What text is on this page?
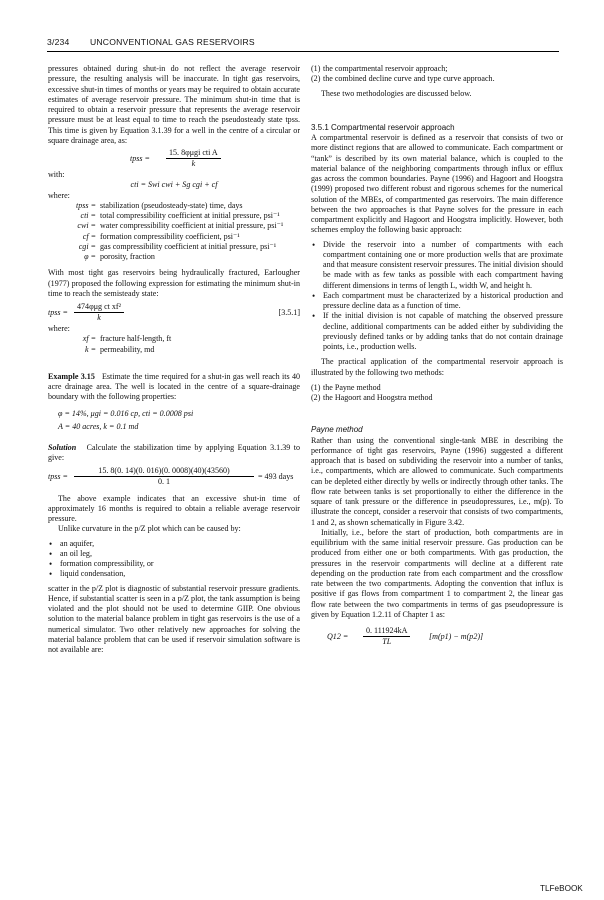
3/234 UNCONVENTIONAL GAS RESERVOIRS

pressures obtained during shut-in do not reflect the average reservoir pressure, the resulting analysis will be inaccurate. In tight gas reservoirs, excessive shut-in times of months or years may be required to obtain accurate estimates of average reservoir pressure. The minimum shut-in time that is required to obtain a reservoir pressure that represents the average reservoir pressure must be at least equal to time to reach the pseudosteady state tpss. This time is given by Equation 3.1.39 for a well in the centre of a circular or square drainage area, as:

tpss =
15. 8φμgi cti A
k

with:

cti = Swi cwi + Sg cgi + cf

where:

tpss = stabilization (pseudosteady-state) time, days
cti = total compressibility coefficient at initial pressure, psi⁻¹
cwi = water compressibility coefficient at initial pressure, psi⁻¹
cf = formation compressibility coefficient, psi⁻¹
cgi = gas compressibility coefficient at initial pressure, psi⁻¹
φ = porosity, fraction

With most tight gas reservoirs being hydraulically fractured, Earlougher (1977) proposed the following expression for estimating the minimum shut-in time to reach the semisteady state:

tpss =
474φμg ct xf²
k
[3.5.1]

where:

xf = fracture half-length, ft
k = permeability, md

Example 3.15 Estimate the time required for a shut-in gas well reach its 40 acre drainage area. The well is located in the centre of a square-drainage boundary with the following properties:

φ = 14%, μgi = 0.016 cp, cti = 0.0008 psi
A = 40 acres, k = 0.1 md

Solution Calculate the stabilization time by applying Equation 3.1.39 to give:

tpss = $\frac{15. 8(0. 14)(0. 016)(0. 0008)(40)(43560)}{0. 1} = 493$ days

The above example indicates that an excessive shut-in time of approximately 16 months is required to obtain a reliable average reservoir pressure.

Unlike curvature in the p/Z plot which can be caused by:

• an aquifer,
• an oil leg,
• formation compressibility, or
• liquid condensation,

scatter in the p/Z plot is diagnostic of substantial reservoir pressure gradients. Hence, if substantial scatter is seen in a p/Z plot, the tank assumption is being violated and the plot should not be used to determine GIIP. One obvious solution to the material balance problem in tight gas reservoirs is the use of a numerical simulator. Two other relatively new approaches for solving the material balance problem that can be used if reservoir simulation software is not available are:

(1) the compartmental reservoir approach;
(2) the combined decline curve and type curve approach.

These two methodologies are discussed below.

3.5.1 Compartmental reservoir approach

A compartmental reservoir is defined as a reservoir that consists of two or more distinct regions that are allowed to communicate. Each compartment or “tank” is described by its own material balance, which is coupled to the material balance of the neighboring compartments through influx or efflux gas across the common boundaries. Payne (1996) and Hagoort and Hoogstra (1999) proposed two different robust and rigorous schemes for the numerical solution of the MBEs, of compartmented gas reservoirs. The main difference between the two approaches is that Payne solves for the pressure in each compartment explicitly and Hagoort and Hoogstra implicitly. However, both schemes employ the following basic approach:

• Divide the reservoir into a number of compartments with each compartment containing one or more production wells that are proximate and that measure consistent reservoir pressures. The initial division should be made with as few tanks as possible with each compartment having different dimensions in terms of length L, width W, and height h.
• Each compartment must be characterized by a historical production and pressure decline data as a function of time.
• If the initial division is not capable of matching the observed pressure decline, additional compartments can be added either by subdividing the previously defined tanks or by adding tanks that do not contain drainage points, i.e., production wells.

The practical application of the compartmental reservoir approach is illustrated by the following two methods:

(1) the Payne method
(2) the Hagoort and Hoogstra method
Payne method

Rather than using the conventional single-tank MBE in describing the performance of tight gas reservoirs, Payne (1996) suggested a different approach that is based on subdividing the reservoir into a number of tanks, i.e., compartments, which are allowed to communicate. Such compartments can be depleted either directly by wells or indirectly through other tanks. The flow rate between tanks is set proportionally to either the difference in the square of tank pressure or the difference in pseudopressures, i.e., m(p). To illustrate the concept, consider a reservoir that consists of two compartments, 1 and 2, as shown schematically in Figure 3.42.

Initially, i.e., before the start of production, both compartments are in equilibrium with the same initial reservoir pressure. Gas production can be produced from either one or both compartments. With gas production, the pressures in the reservoir compartments will decline at a different rate depending on the production rate from each compartment and the crossflow rate between the two compartments. Adopting the convention that influx is positive if gas flows from compartment 1 to compartment 2, the linear gas flow rate between the two compartments in terms of gas pseudopressure is given by Equation 1.2.11 of Chapter 1 as:

$Q12 = \frac{0. 111924kA}{TL} [m(p1) - m(p2)]$
TLFeBOOK
